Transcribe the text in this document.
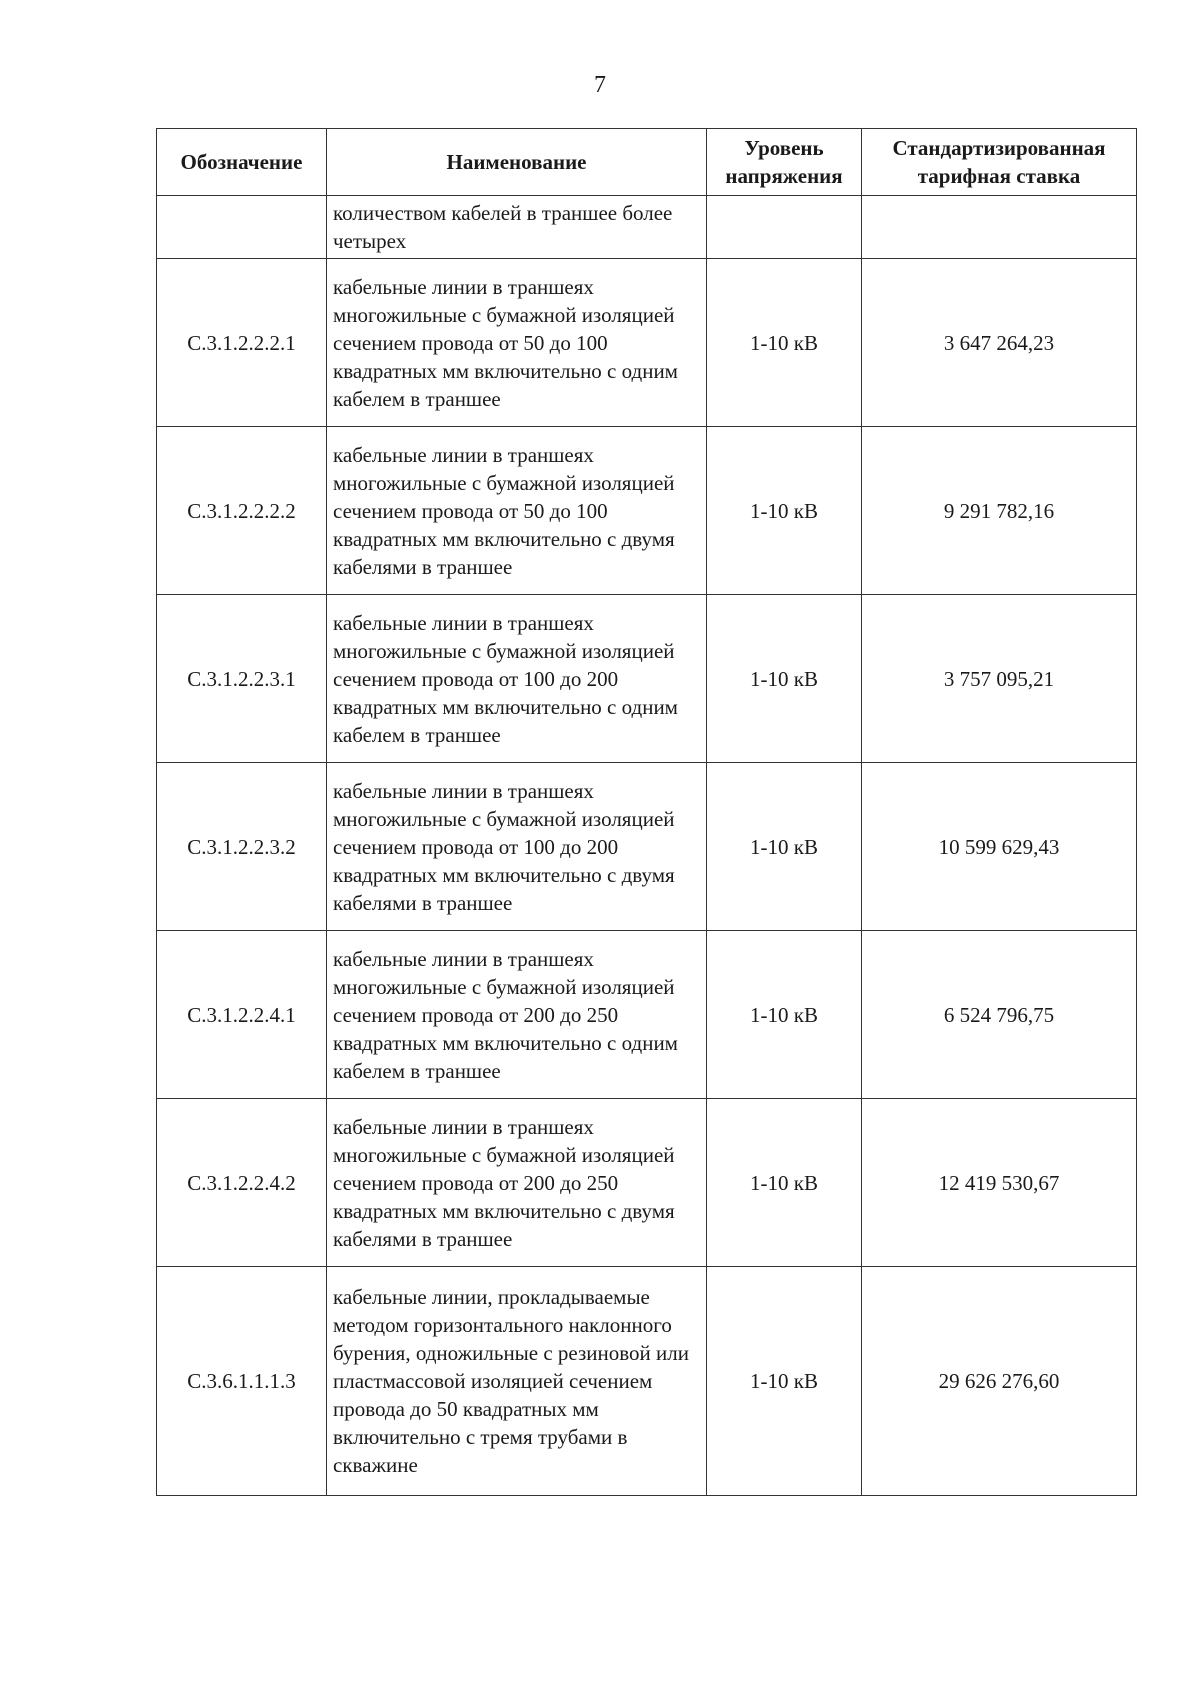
7
Обозначение	Наименование	Уровень напряжения	Стандартизированная тарифная ставка
	количеством кабелей в траншее более четырех		
С.3.1.2.2.2.1	кабельные линии в траншеях многожильные с бумажной изоляцией сечением провода от 50 до 100 квадратных мм включительно с одним кабелем в траншее	1-10 кВ	3 647 264,23
С.3.1.2.2.2.2	кабельные линии в траншеях многожильные с бумажной изоляцией сечением провода от 50 до 100 квадратных мм включительно с двумя кабелями в траншее	1-10 кВ	9 291 782,16
С.3.1.2.2.3.1	кабельные линии в траншеях многожильные с бумажной изоляцией сечением провода от 100 до 200 квадратных мм включительно с одним кабелем в траншее	1-10 кВ	3 757 095,21
С.3.1.2.2.3.2	кабельные линии в траншеях многожильные с бумажной изоляцией сечением провода от 100 до 200 квадратных мм включительно с двумя кабелями в траншее	1-10 кВ	10 599 629,43
С.3.1.2.2.4.1	кабельные линии в траншеях многожильные с бумажной изоляцией сечением провода от 200 до 250 квадратных мм включительно с одним кабелем в траншее	1-10 кВ	6 524 796,75
С.3.1.2.2.4.2	кабельные линии в траншеях многожильные с бумажной изоляцией сечением провода от 200 до 250 квадратных мм включительно с двумя кабелями в траншее	1-10 кВ	12 419 530,67
С.3.6.1.1.1.3	кабельные линии, прокладываемые методом горизонтального наклонного бурения, одножильные с резиновой или пластмассовой изоляцией сечением провода до 50 квадратных мм включительно с тремя трубами в скважине	1-10 кВ	29 626 276,60
